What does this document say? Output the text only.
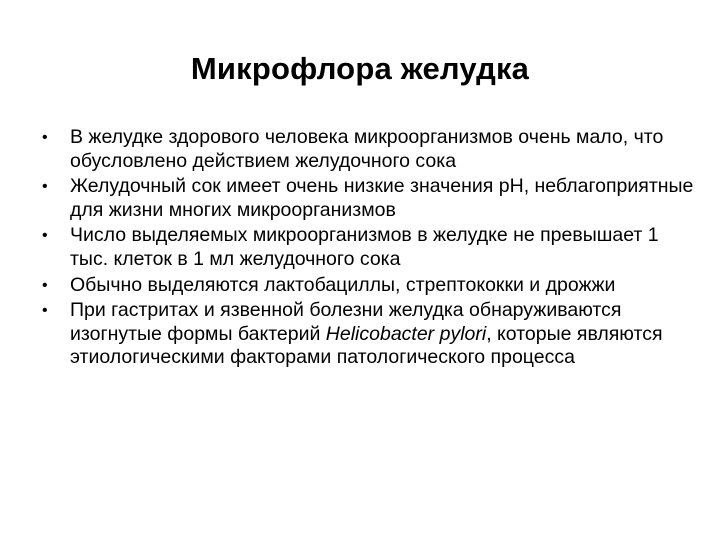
Микрофлора желудка
• В желудке здорового человека микроорганизмов очень мало, что обусловлено действием желудочного сока
• Желудочный сок имеет очень низкие значения pH, неблагоприятные для жизни многих микроорганизмов
• Число выделяемых микроорганизмов в желудке не превышает 1 тыс. клеток в 1 мл желудочного сока
• Обычно выделяются лактобациллы, стрептококки и дрожжи
• При гастритах и язвенной болезни желудка обнаруживаются изогнутые формы бактерий Helicobacter pylori, которые являются этиологическими факторами патологического процесса
